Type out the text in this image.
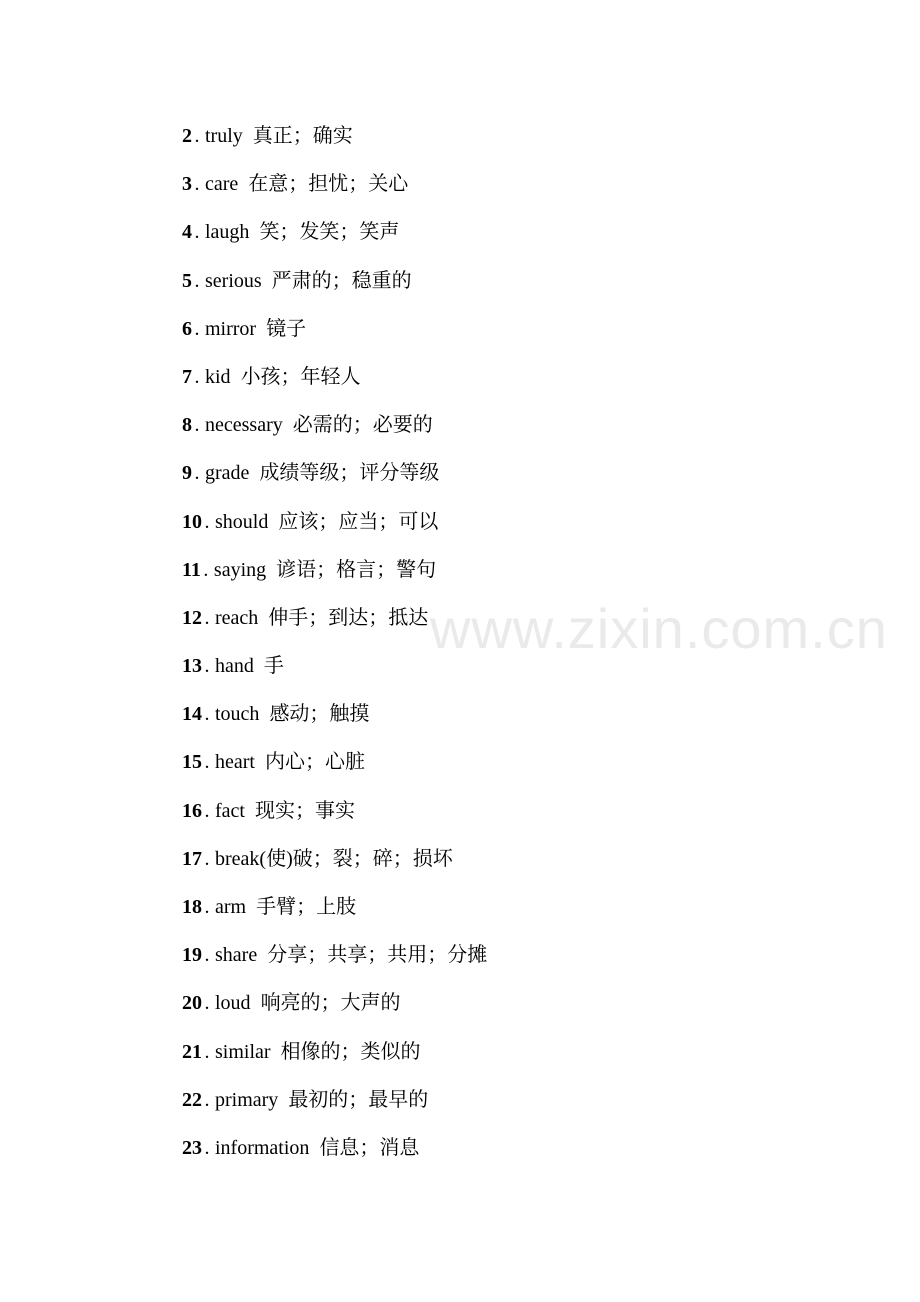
2 . truly 真正；确实
3 . care 在意；担忧；关心
4 . laugh 笑；发笑；笑声
5 . serious 严肃的；稳重的
6 . mirror 镜子
7 . kid 小孩；年轻人
8 . necessary 必需的；必要的
9 . grade 成绩等级；评分等级
10 . should 应该；应当；可以
11 . saying 谚语；格言；警句
12 . reach 伸手；到达；抵达
13 . hand 手
14 . touch 感动；触摸
15 . heart 内心；心脏
16 . fact 现实；事实
17 . break(使)破；裂；碎；损坏
18 . arm 手臂；上肢
19 . share 分享；共享；共用；分摊
20 . loud 响亮的；大声的
21 . similar 相像的；类似的
22 . primary 最初的；最早的
23 . information 信息；消息
www.zixin.com.cn
